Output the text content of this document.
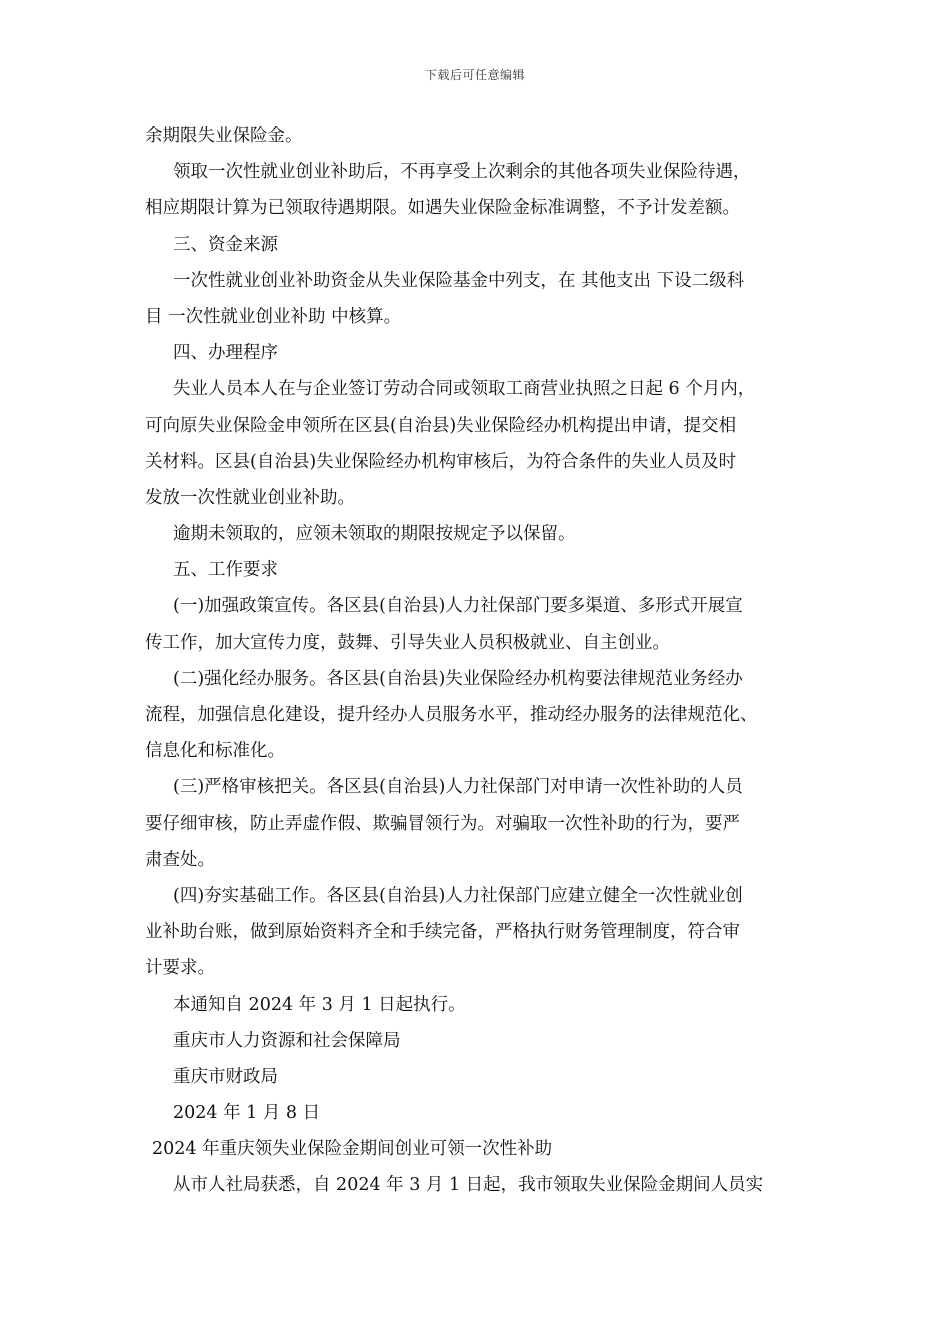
下载后可任意编辑
余期限失业保险金。
领取一次性就业创业补助后，不再享受上次剩余的其他各项失业保险待遇，
相应期限计算为已领取待遇期限。如遇失业保险金标准调整，不予计发差额。
三、资金来源
一次性就业创业补助资金从失业保险基金中列支，在 其他支出 下设二级科
目 一次性就业创业补助 中核算。
四、办理程序
失业人员本人在与企业签订劳动合同或领取工商营业执照之日起 6 个月内，
可向原失业保险金申领所在区县(自治县)失业保险经办机构提出申请，提交相
关材料。区县(自治县)失业保险经办机构审核后，为符合条件的失业人员及时
发放一次性就业创业补助。
逾期未领取的，应领未领取的期限按规定予以保留。
五、工作要求
(一)加强政策宣传。各区县(自治县)人力社保部门要多渠道、多形式开展宣
传工作，加大宣传力度，鼓舞、引导失业人员积极就业、自主创业。
(二)强化经办服务。各区县(自治县)失业保险经办机构要法律规范业务经办
流程，加强信息化建设，提升经办人员服务水平，推动经办服务的法律规范化、
信息化和标准化。
(三)严格审核把关。各区县(自治县)人力社保部门对申请一次性补助的人员
要仔细审核，防止弄虚作假、欺骗冒领行为。对骗取一次性补助的行为，要严
肃查处。
(四)夯实基础工作。各区县(自治县)人力社保部门应建立健全一次性就业创
业补助台账，做到原始资料齐全和手续完备，严格执行财务管理制度，符合审
计要求。
本通知自 2024 年 3 月 1 日起执行。
重庆市人力资源和社会保障局
重庆市财政局
2024 年 1 月 8 日
2024 年重庆领失业保险金期间创业可领一次性补助
从市人社局获悉，自 2024 年 3 月 1 日起，我市领取失业保险金期间人员实
